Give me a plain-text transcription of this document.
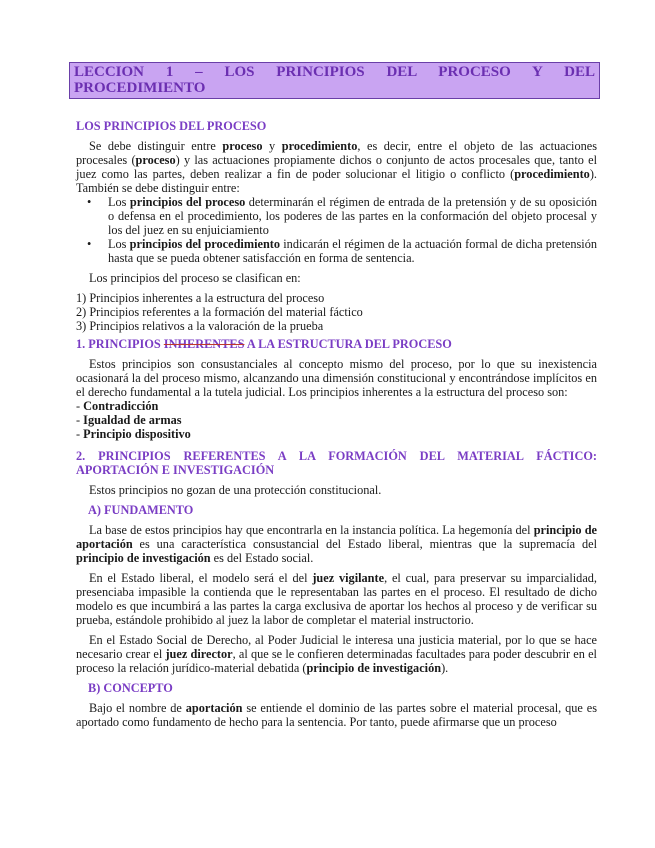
LECCION 1 – LOS PRINCIPIOS DEL PROCESO Y DEL
PROCEDIMIENTO
LOS PRINCIPIOS DEL PROCESO

Se debe distinguir entre proceso y procedimiento, es decir, entre el objeto de las actuaciones procesales (proceso) y las actuaciones propiamente dichos o conjunto de actos procesales que, tanto el juez como las partes, deben realizar a fin de poder solucionar el litigio o conflicto (procedimiento). También se debe distinguir entre:

• Los principios del proceso determinarán el régimen de entrada de la pretensión y de su oposición o defensa en el procedimiento, los poderes de las partes en la conformación del objeto procesal y los del juez en su enjuiciamiento
• Los principios del procedimiento indicarán el régimen de la actuación formal de dicha pretensión hasta que se pueda obtener satisfacción en forma de sentencia.

Los principios del proceso se clasifican en:

1) Principios inherentes a la estructura del proceso
2) Principios referentes a la formación del material fáctico
3) Principios relativos a la valoración de la prueba
1. PRINCIPIOS INHERENTES A LA ESTRUCTURA DEL PROCESO

Estos principios son consustanciales al concepto mismo del proceso, por lo que su inexistencia ocasionará la del proceso mismo, alcanzando una dimensión constitucional y encontrándose implícitos en el derecho fundamental a la tutela judicial. Los principios inherentes a la estructura del proceso son:

- Contradicción
- Igualdad de armas
- Principio dispositivo
2. PRINCIPIOS REFERENTES A LA FORMACIÓN DEL MATERIAL FÁCTICO: APORTACIÓN E INVESTIGACIÓN

Estos principios no gozan de una protección constitucional.

A) FUNDAMENTO

La base de estos principios hay que encontrarla en la instancia política. La hegemonía del principio de aportación es una característica consustancial del Estado liberal, mientras que la supremacía del principio de investigación es del Estado social.

En el Estado liberal, el modelo será el del juez vigilante, el cual, para preservar su imparcialidad, presenciaba impasible la contienda que le representaban las partes en el proceso. El resultado de dicho modelo es que incumbirá a las partes la carga exclusiva de aportar los hechos al proceso y de verificar su prueba, estándole prohibido al juez la labor de completar el material instructorio.

En el Estado Social de Derecho, al Poder Judicial le interesa una justicia material, por lo que se hace necesario crear el juez director, al que se le confieren determinadas facultades para poder descubrir en el proceso la relación jurídico-material debatida (principio de investigación).

B) CONCEPTO

Bajo el nombre de aportación se entiende el dominio de las partes sobre el material procesal, que es aportado como fundamento de hecho para la sentencia. Por tanto, puede afirmarse que un proceso
